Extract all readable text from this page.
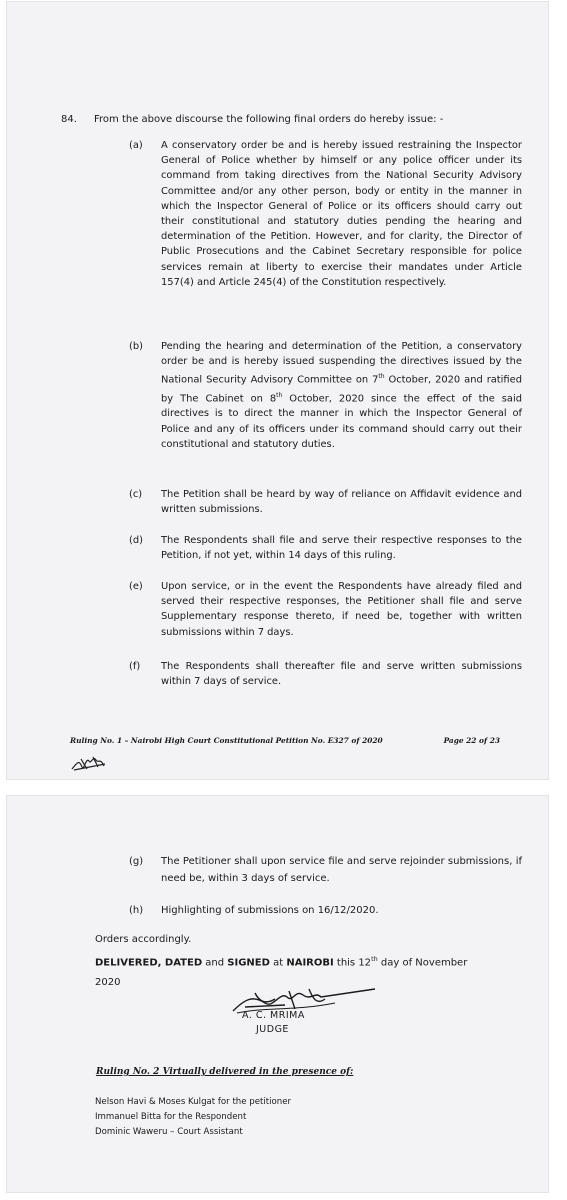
84. From the above discourse the following final orders do hereby issue: -
(a) A conservatory order be and is hereby issued restraining the Inspector General of Police whether by himself or any police officer under its command from taking directives from the National Security Advisory Committee and/or any other person, body or entity in the manner in which the Inspector General of Police or its officers should carry out their constitutional and statutory duties pending the hearing and determination of the Petition. However, and for clarity, the Director of Public Prosecutions and the Cabinet Secretary responsible for police services remain at liberty to exercise their mandates under Article 157(4) and Article 245(4) of the Constitution respectively.
(b) Pending the hearing and determination of the Petition, a conservatory order be and is hereby issued suspending the directives issued by the National Security Advisory Committee on 7th October, 2020 and ratified by The Cabinet on 8th October, 2020 since the effect of the said directives is to direct the manner in which the Inspector General of Police and any of its officers under its command should carry out their constitutional and statutory duties.
(c) The Petition shall be heard by way of reliance on Affidavit evidence and written submissions.
(d) The Respondents shall file and serve their respective responses to the Petition, if not yet, within 14 days of this ruling.
(e) Upon service, or in the event the Respondents have already filed and served their respective responses, the Petitioner shall file and serve Supplementary response thereto, if need be, together with written submissions within 7 days.
(f) The Respondents shall thereafter file and serve written submissions within 7 days of service.
Ruling No. 1 – Nairobi High Court Constitutional Petition No. E327 of 2020	Page 22 of 23
(g) The Petitioner shall upon service file and serve rejoinder submissions, if need be, within 3 days of service.
(h) Highlighting of submissions on 16/12/2020.
Orders accordingly.
DELIVERED, DATED and SIGNED at NAIROBI this 12th day of November
2020
A. C. MRIMA
JUDGE
Ruling No. 2 Virtually delivered in the presence of:
Nelson Havi & Moses Kulgat for the petitioner
Immanuel Bitta for the Respondent
Dominic Waweru – Court Assistant
